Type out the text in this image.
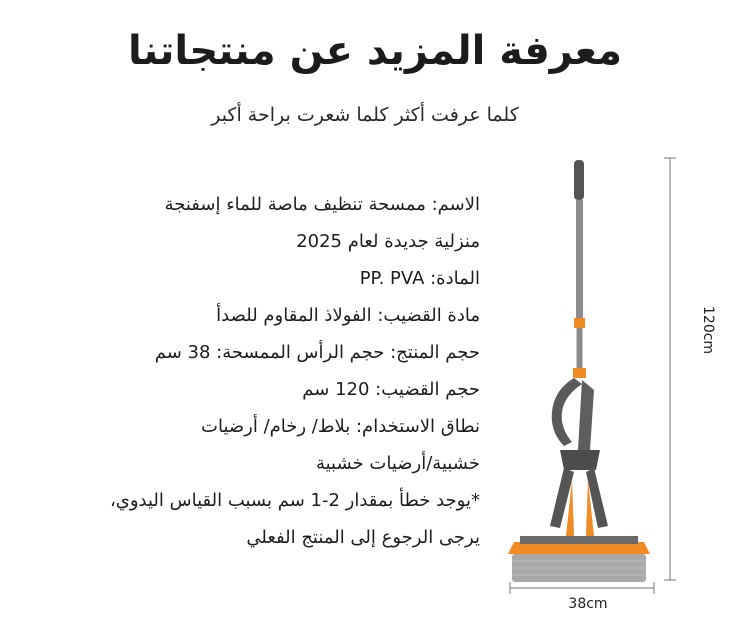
معرفة المزيد عن منتجاتنا
كلما عرفت أكثر كلما شعرت براحة أكبر
الاسم: ممسحة تنظيف ماصة للماء إسفنجة
منزلية جديدة لعام 2025
المادة: PP. PVA
مادة القضيب: الفولاذ المقاوم للصدأ
حجم المنتج: حجم الرأس الممسحة: 38 سم
حجم القضيب: 120 سم
نطاق الاستخدام: بلاط/ رخام/ أرضيات
خشبية/أرضيات خشبية
*يوجد خطأ بمقدار 2-1 سم بسبب القياس اليدوي،
يرجى الرجوع إلى المنتج الفعلي
120cm
38cm
